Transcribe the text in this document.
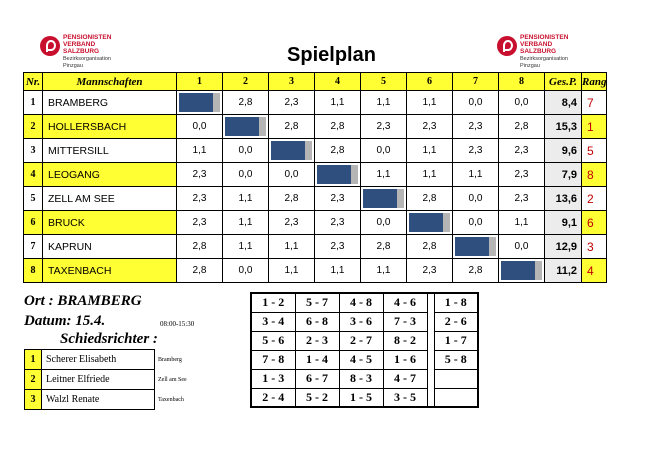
PENSIONISTEN
VERBAND
SALZBURG
Bezirksorganisation
Pinzgau
PENSIONISTEN
VERBAND
SALZBURG
Bezirksorganisation
Pinzgau
Spielplan
Nr.	Mannschaften	1	2	3	4	5	6	7	8	Ges.P.	Rang
1	BRAMBERG		2,8	2,3	1,1	1,1	1,1	0,0	0,0	8,4	7
2	HOLLERSBACH	0,0		2,8	2,8	2,3	2,3	2,3	2,8	15,3	1
3	MITTERSILL	1,1	0,0		2,8	0,0	1,1	2,3	2,3	9,6	5
4	LEOGANG	2,3	0,0	0,0		1,1	1,1	1,1	2,3	7,9	8
5	ZELL AM SEE	2,3	1,1	2,8	2,3		2,8	0,0	2,3	13,6	2
6	BRUCK	2,3	1,1	2,3	2,3	0,0		0,0	1,1	9,1	6
7	KAPRUN	2,8	1,1	1,1	2,3	2,8	2,8		0,0	12,9	3
8	TAXENBACH	2,8	0,0	1,1	1,1	1,1	2,3	2,8		11,2	4
Ort : BRAMBERG
Datum: 15.4.	08:00-15:30
Schiedsrichter :
1	Scherer Elisabeth	Bramberg
2	Leitner Elfriede	Zell am See
3	Walzl Renate	Taxenbach
1 - 2	5 - 7	4 - 8	4 - 6		1 - 8
3 - 4	6 - 8	3 - 6	7 - 3		2 - 6
5 - 6	2 - 3	2 - 7	8 - 2		1 - 7
7 - 8	1 - 4	4 - 5	1 - 6		5 - 8
1 - 3	6 - 7	8 - 3	4 - 7		
2 - 4	5 - 2	1 - 5	3 - 5		
